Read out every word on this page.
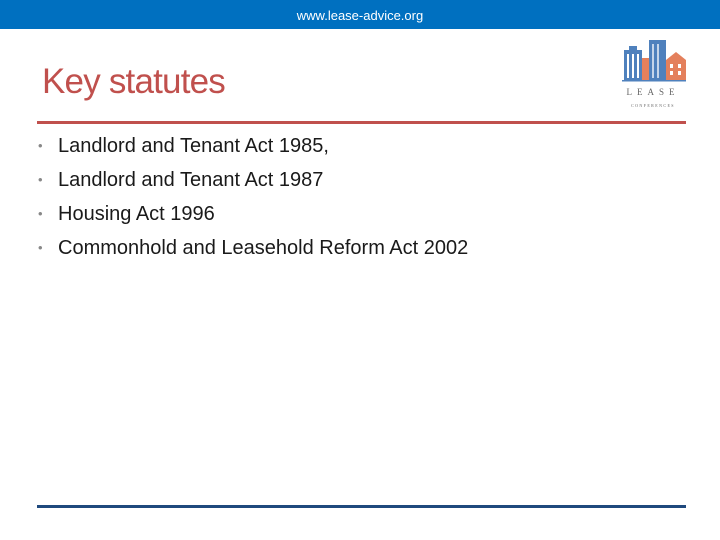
www.lease-advice.org
Key statutes	LEASE
CONFERENCES
• Landlord and Tenant Act 1985,
• Landlord and Tenant Act 1987
• Housing Act 1996
• Commonhold and Leasehold Reform Act 2002
